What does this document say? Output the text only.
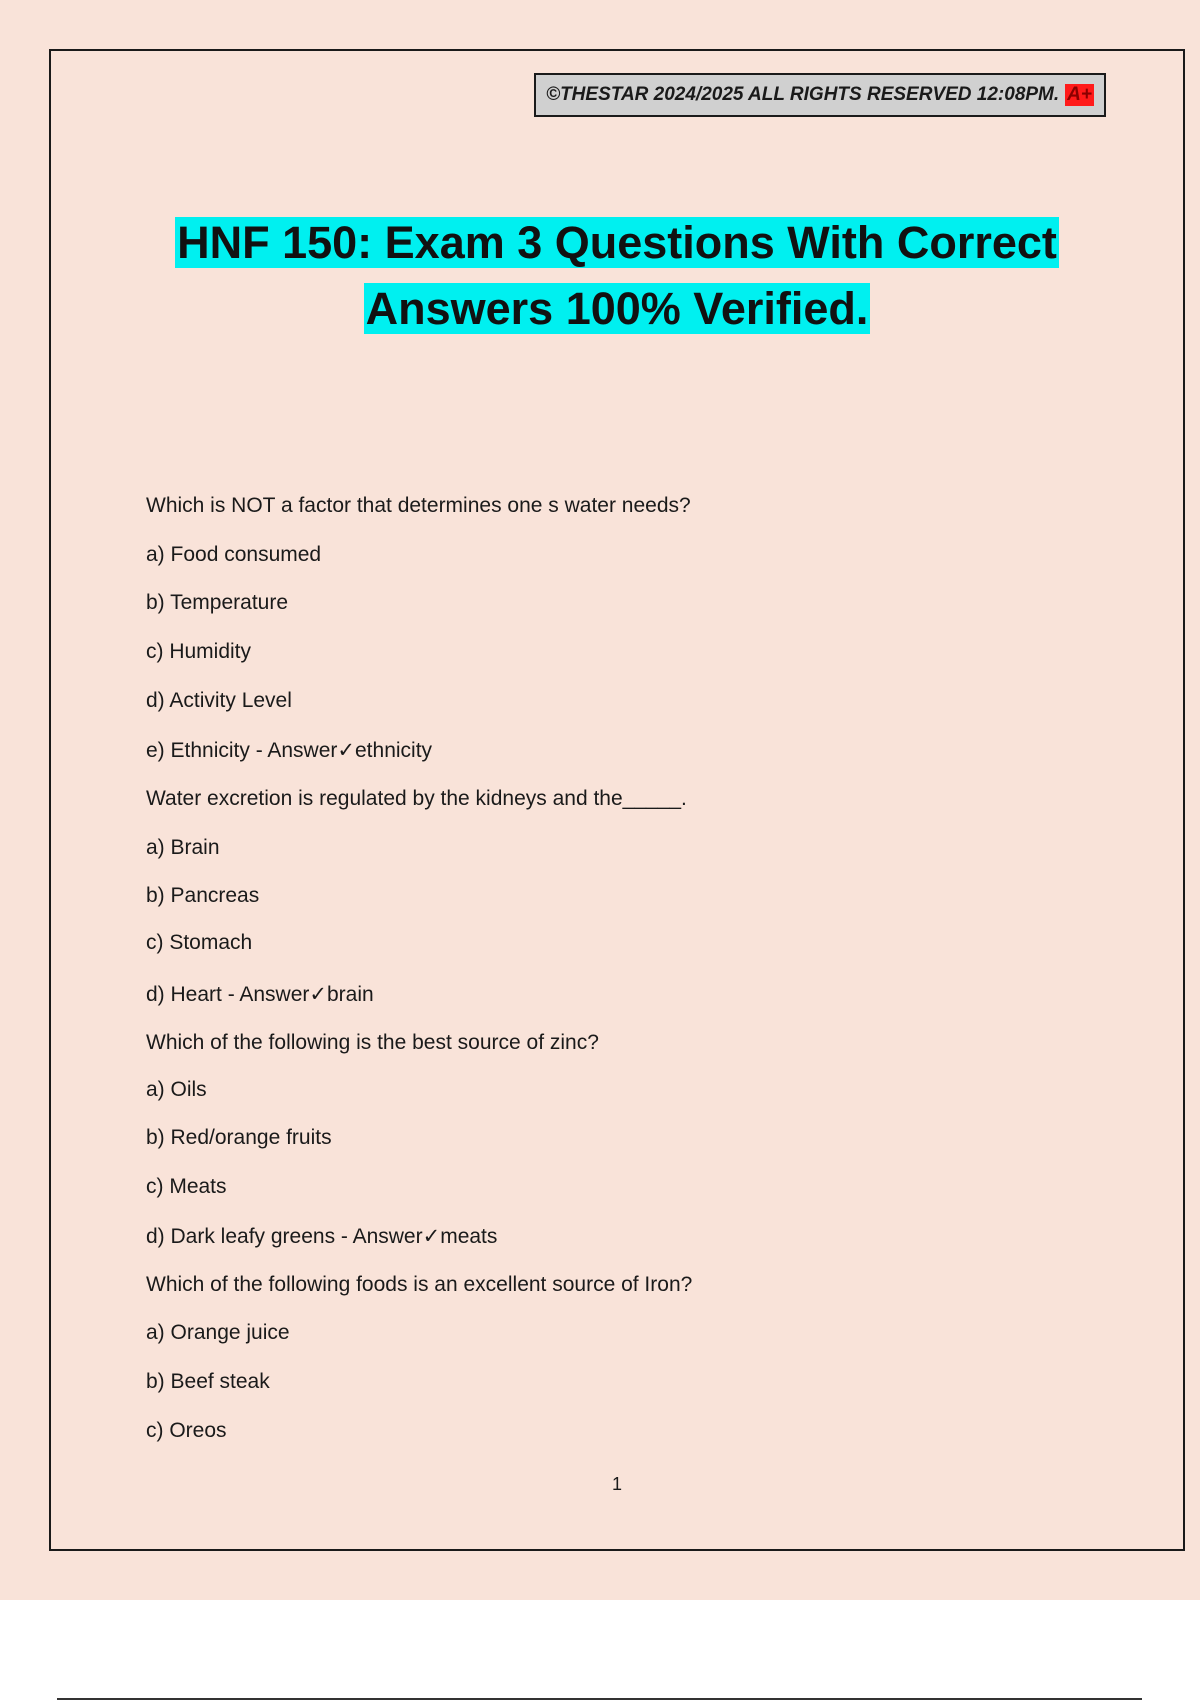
©THESTAR 2024/2025 ALL RIGHTS RESERVED 12:08PM. A+
HNF 150: Exam 3 Questions With Correct
Answers 100% Verified.
Which is NOT a factor that determines one s water needs?
a) Food consumed
b) Temperature
c) Humidity
d) Activity Level
e) Ethnicity - Answer✓ethnicity
Water excretion is regulated by the kidneys and the_____.
a) Brain
b) Pancreas
c) Stomach
d) Heart - Answer✓brain
Which of the following is the best source of zinc?
a) Oils
b) Red/orange fruits
c) Meats
d) Dark leafy greens - Answer✓meats
Which of the following foods is an excellent source of Iron?
a) Orange juice
b) Beef steak
c) Oreos
1
